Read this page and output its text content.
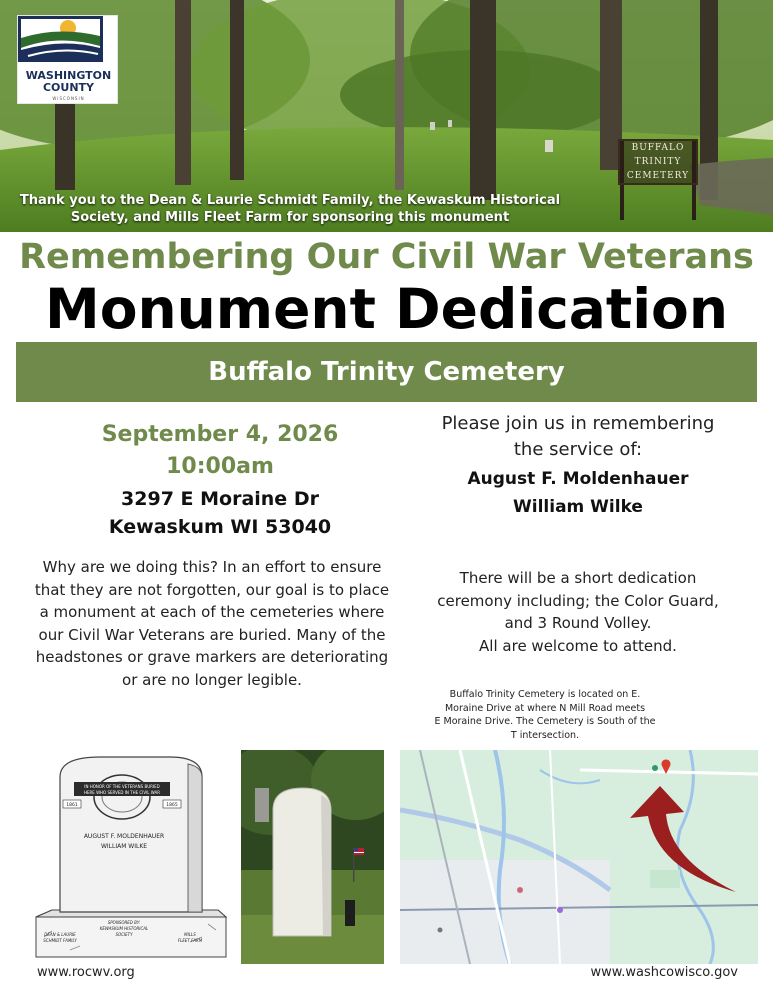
WASHINGTON
COUNTY
WISCONSIN
BUFFALO
TRINITY
CEMETERY
Thank you to the Dean & Laurie Schmidt Family, the Kewaskum Historical
Society, and Mills Fleet Farm for sponsoring this monument
Remembering Our Civil War Veterans
Monument Dedication
Buffalo Trinity Cemetery
September 4, 2026
10:00am
3297 E Moraine Dr
Kewaskum WI 53040
Why are we doing this? In an effort to ensure that they are not forgotten, our goal is to place a monument at each of the cemeteries where our Civil War Veterans are buried. Many of the headstones or grave markers are deteriorating or are no longer legible.
Please join us in remembering
the service of:
August F. Moldenhauer
William Wilke
There will be a short dedication
ceremony including; the Color Guard,
and 3 Round Volley.
All are welcome to attend.
Buffalo Trinity Cemetery is located on E.
Moraine Drive at where N Mill Road meets
E Moraine Drive. The Cemetery is South of the
T intersection.
IN HONOR OF THE VETERANS BURIED
HERE WHO SERVED IN THE CIVIL WAR
1861	1865
AUGUST F. MOLDENHAUER
WILLIAM WILKE
SPONSORED BY:
DEAN & LAURIE
SCHMIDT FAMILY
KEWASKUM HISTORICAL
SOCIETY	MILLS
FLEET FARM
www.rocwv.org	www.washcowisco.gov
